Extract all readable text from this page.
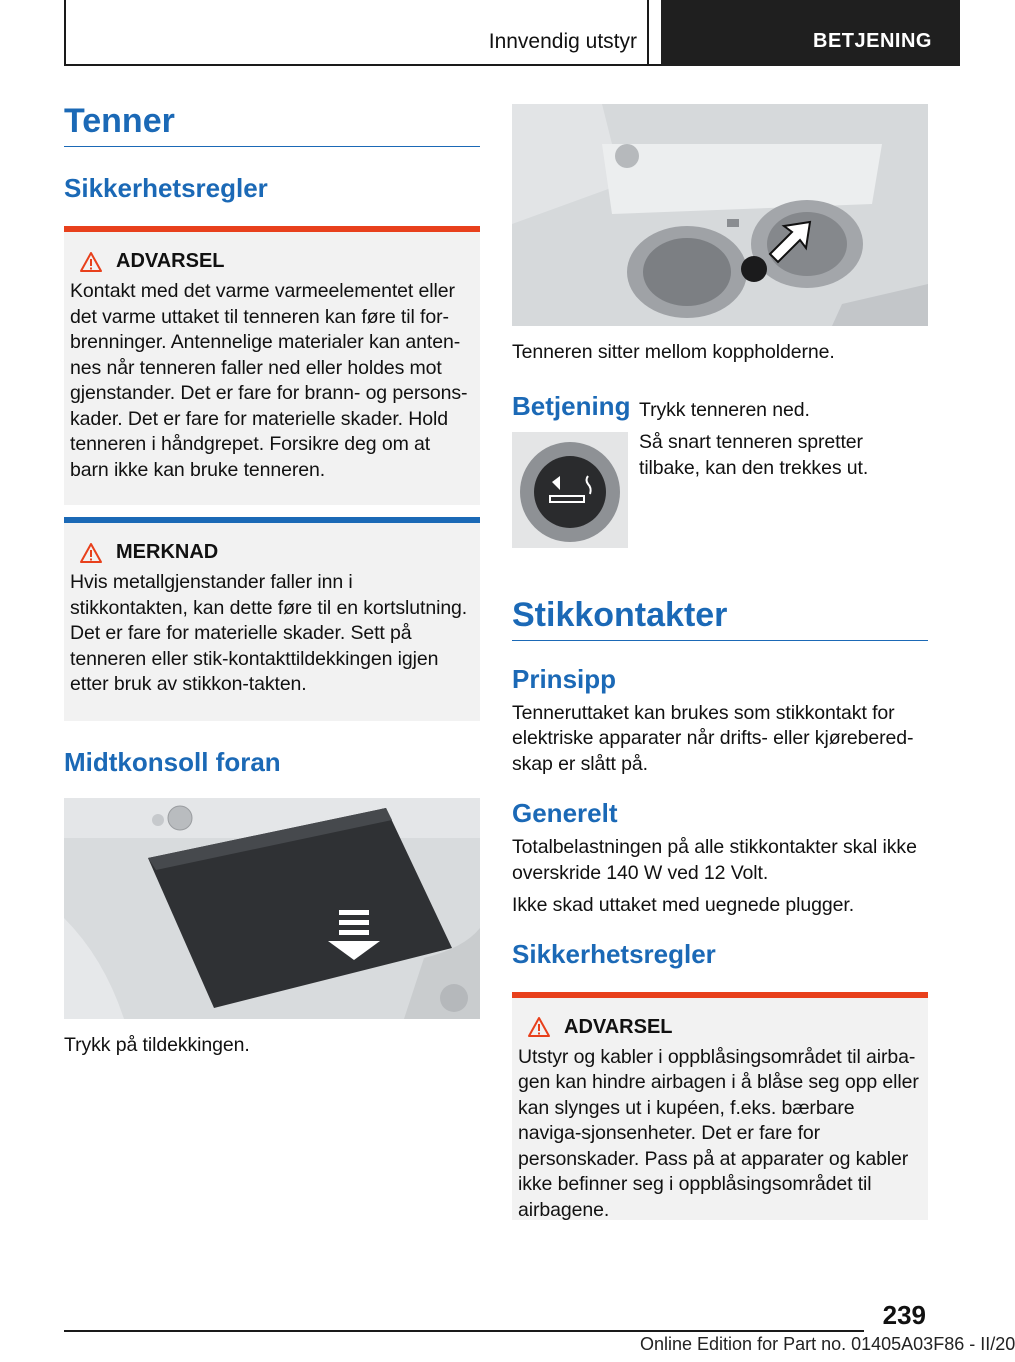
Innvendig utstyr	BETJENING
Tenner
Sikkerhetsregler
ADVARSEL

Kontakt med det varme varmeelementet eller det varme uttaket til tenneren kan føre til for-brenninger. Antennelige materialer kan anten-nes når tenneren faller ned eller holdes mot gjenstander. Det er fare for brann- og persons-kader. Det er fare for materielle skader. Hold tenneren i håndgrepet. Forsikre deg om at barn ikke kan bruke tenneren.

MERKNAD

Hvis metallgjenstander faller inn i stikkontakten, kan dette føre til en kortslutning. Det er fare for materielle skader. Sett på tenneren eller stik-kontakttildekkingen igjen etter bruk av stikkon-takten.

Midtkonsoll foran

Trykk på tildekkingen.

Tenneren sitter mellom koppholderne.

Betjening Trykk tenneren ned.

Så snart tenneren spretter tilbake, kan den trekkes ut.

Stikkontakter
Prinsipp

Tenneruttaket kan brukes som stikkontakt for elektriske apparater når drifts- eller kjørebered-skap er slått på.

Generelt

Totalbelastningen på alle stikkontakter skal ikke overskride 140 W ved 12 Volt.

Ikke skad uttaket med uegnede plugger.

Sikkerhetsregler
ADVARSEL

Utstyr og kabler i oppblåsingsområdet til airba-gen kan hindre airbagen i å blåse seg opp eller kan slynges ut i kupéen, f.eks. bærbare naviga-sjonsenheter. Det er fare for personskader. Pass på at apparater og kabler ikke befinner seg i oppblåsingsområdet til airbagene.

239
Online Edition for Part no. 01405A03F86 - II/20
